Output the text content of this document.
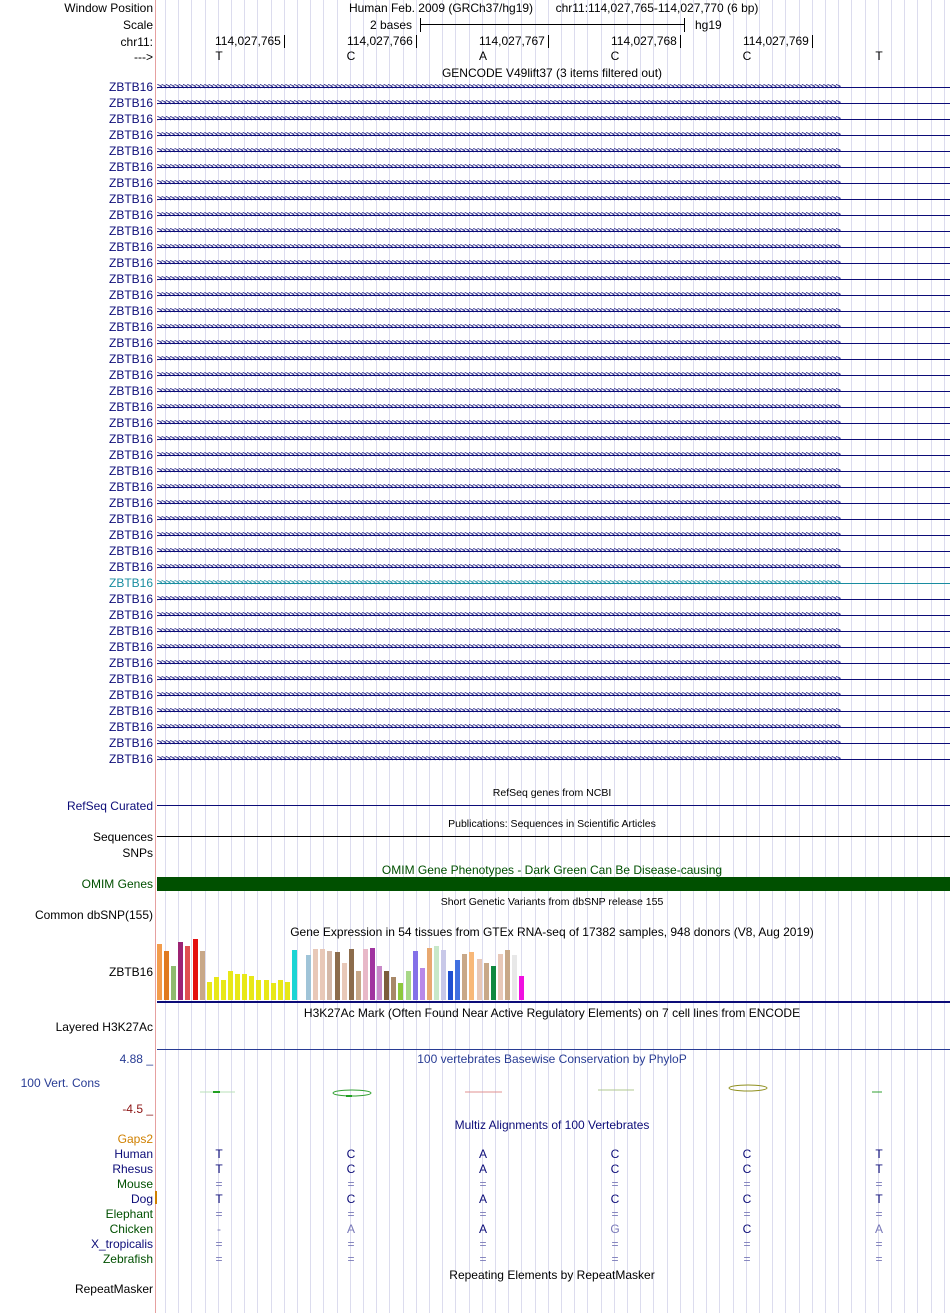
Window Position	Human Feb. 2009 (GRCh37/hg19) chr11:114,027,765-114,027,770 (6 bp)
Scale	2 bases	hg19
chr11:	114,027,765	114,027,766	114,027,767	114,027,768	114,027,769
--->	T	C	A	C	C	T
GENCODE V49lift37 (3 items filtered out)
ZBTB16 >>>>>>>>>>>>>>>>>>>>>>>>>>>>>>>>>>>>>>>>>>>>>>>>>>>>>>>>>>>>>>>>>>>>>>>>>>>>>>>>>>>>>>>>>>>>>>>>>>>>>>>>>>>>>>>>>>>>>>>>>>>>>>>>>>>>>>>>>>>>>>>>>>>>>>>>>>>>>>>>
ZBTB16 >>>>>>>>>>>>>>>>>>>>>>>>>>>>>>>>>>>>>>>>>>>>>>>>>>>>>>>>>>>>>>>>>>>>>>>>>>>>>>>>>>>>>>>>>>>>>>>>>>>>>>>>>>>>>>>>>>>>>>>>>>>>>>>>>>>>>>>>>>>>>>>>>>>>>>>>>>>>>>>>
ZBTB16 >>>>>>>>>>>>>>>>>>>>>>>>>>>>>>>>>>>>>>>>>>>>>>>>>>>>>>>>>>>>>>>>>>>>>>>>>>>>>>>>>>>>>>>>>>>>>>>>>>>>>>>>>>>>>>>>>>>>>>>>>>>>>>>>>>>>>>>>>>>>>>>>>>>>>>>>>>>>>>>>
ZBTB16 >>>>>>>>>>>>>>>>>>>>>>>>>>>>>>>>>>>>>>>>>>>>>>>>>>>>>>>>>>>>>>>>>>>>>>>>>>>>>>>>>>>>>>>>>>>>>>>>>>>>>>>>>>>>>>>>>>>>>>>>>>>>>>>>>>>>>>>>>>>>>>>>>>>>>>>>>>>>>>>>
ZBTB16 >>>>>>>>>>>>>>>>>>>>>>>>>>>>>>>>>>>>>>>>>>>>>>>>>>>>>>>>>>>>>>>>>>>>>>>>>>>>>>>>>>>>>>>>>>>>>>>>>>>>>>>>>>>>>>>>>>>>>>>>>>>>>>>>>>>>>>>>>>>>>>>>>>>>>>>>>>>>>>>>
ZBTB16 >>>>>>>>>>>>>>>>>>>>>>>>>>>>>>>>>>>>>>>>>>>>>>>>>>>>>>>>>>>>>>>>>>>>>>>>>>>>>>>>>>>>>>>>>>>>>>>>>>>>>>>>>>>>>>>>>>>>>>>>>>>>>>>>>>>>>>>>>>>>>>>>>>>>>>>>>>>>>>>>
ZBTB16 >>>>>>>>>>>>>>>>>>>>>>>>>>>>>>>>>>>>>>>>>>>>>>>>>>>>>>>>>>>>>>>>>>>>>>>>>>>>>>>>>>>>>>>>>>>>>>>>>>>>>>>>>>>>>>>>>>>>>>>>>>>>>>>>>>>>>>>>>>>>>>>>>>>>>>>>>>>>>>>>
ZBTB16 >>>>>>>>>>>>>>>>>>>>>>>>>>>>>>>>>>>>>>>>>>>>>>>>>>>>>>>>>>>>>>>>>>>>>>>>>>>>>>>>>>>>>>>>>>>>>>>>>>>>>>>>>>>>>>>>>>>>>>>>>>>>>>>>>>>>>>>>>>>>>>>>>>>>>>>>>>>>>>>>
ZBTB16 >>>>>>>>>>>>>>>>>>>>>>>>>>>>>>>>>>>>>>>>>>>>>>>>>>>>>>>>>>>>>>>>>>>>>>>>>>>>>>>>>>>>>>>>>>>>>>>>>>>>>>>>>>>>>>>>>>>>>>>>>>>>>>>>>>>>>>>>>>>>>>>>>>>>>>>>>>>>>>>>
ZBTB16 >>>>>>>>>>>>>>>>>>>>>>>>>>>>>>>>>>>>>>>>>>>>>>>>>>>>>>>>>>>>>>>>>>>>>>>>>>>>>>>>>>>>>>>>>>>>>>>>>>>>>>>>>>>>>>>>>>>>>>>>>>>>>>>>>>>>>>>>>>>>>>>>>>>>>>>>>>>>>>>>
ZBTB16 >>>>>>>>>>>>>>>>>>>>>>>>>>>>>>>>>>>>>>>>>>>>>>>>>>>>>>>>>>>>>>>>>>>>>>>>>>>>>>>>>>>>>>>>>>>>>>>>>>>>>>>>>>>>>>>>>>>>>>>>>>>>>>>>>>>>>>>>>>>>>>>>>>>>>>>>>>>>>>>>
ZBTB16 >>>>>>>>>>>>>>>>>>>>>>>>>>>>>>>>>>>>>>>>>>>>>>>>>>>>>>>>>>>>>>>>>>>>>>>>>>>>>>>>>>>>>>>>>>>>>>>>>>>>>>>>>>>>>>>>>>>>>>>>>>>>>>>>>>>>>>>>>>>>>>>>>>>>>>>>>>>>>>>>
ZBTB16 >>>>>>>>>>>>>>>>>>>>>>>>>>>>>>>>>>>>>>>>>>>>>>>>>>>>>>>>>>>>>>>>>>>>>>>>>>>>>>>>>>>>>>>>>>>>>>>>>>>>>>>>>>>>>>>>>>>>>>>>>>>>>>>>>>>>>>>>>>>>>>>>>>>>>>>>>>>>>>>>
ZBTB16 >>>>>>>>>>>>>>>>>>>>>>>>>>>>>>>>>>>>>>>>>>>>>>>>>>>>>>>>>>>>>>>>>>>>>>>>>>>>>>>>>>>>>>>>>>>>>>>>>>>>>>>>>>>>>>>>>>>>>>>>>>>>>>>>>>>>>>>>>>>>>>>>>>>>>>>>>>>>>>>>
ZBTB16 >>>>>>>>>>>>>>>>>>>>>>>>>>>>>>>>>>>>>>>>>>>>>>>>>>>>>>>>>>>>>>>>>>>>>>>>>>>>>>>>>>>>>>>>>>>>>>>>>>>>>>>>>>>>>>>>>>>>>>>>>>>>>>>>>>>>>>>>>>>>>>>>>>>>>>>>>>>>>>>>
ZBTB16 >>>>>>>>>>>>>>>>>>>>>>>>>>>>>>>>>>>>>>>>>>>>>>>>>>>>>>>>>>>>>>>>>>>>>>>>>>>>>>>>>>>>>>>>>>>>>>>>>>>>>>>>>>>>>>>>>>>>>>>>>>>>>>>>>>>>>>>>>>>>>>>>>>>>>>>>>>>>>>>>
ZBTB16 >>>>>>>>>>>>>>>>>>>>>>>>>>>>>>>>>>>>>>>>>>>>>>>>>>>>>>>>>>>>>>>>>>>>>>>>>>>>>>>>>>>>>>>>>>>>>>>>>>>>>>>>>>>>>>>>>>>>>>>>>>>>>>>>>>>>>>>>>>>>>>>>>>>>>>>>>>>>>>>>
ZBTB16 >>>>>>>>>>>>>>>>>>>>>>>>>>>>>>>>>>>>>>>>>>>>>>>>>>>>>>>>>>>>>>>>>>>>>>>>>>>>>>>>>>>>>>>>>>>>>>>>>>>>>>>>>>>>>>>>>>>>>>>>>>>>>>>>>>>>>>>>>>>>>>>>>>>>>>>>>>>>>>>>
ZBTB16 >>>>>>>>>>>>>>>>>>>>>>>>>>>>>>>>>>>>>>>>>>>>>>>>>>>>>>>>>>>>>>>>>>>>>>>>>>>>>>>>>>>>>>>>>>>>>>>>>>>>>>>>>>>>>>>>>>>>>>>>>>>>>>>>>>>>>>>>>>>>>>>>>>>>>>>>>>>>>>>>
ZBTB16 >>>>>>>>>>>>>>>>>>>>>>>>>>>>>>>>>>>>>>>>>>>>>>>>>>>>>>>>>>>>>>>>>>>>>>>>>>>>>>>>>>>>>>>>>>>>>>>>>>>>>>>>>>>>>>>>>>>>>>>>>>>>>>>>>>>>>>>>>>>>>>>>>>>>>>>>>>>>>>>>
ZBTB16 >>>>>>>>>>>>>>>>>>>>>>>>>>>>>>>>>>>>>>>>>>>>>>>>>>>>>>>>>>>>>>>>>>>>>>>>>>>>>>>>>>>>>>>>>>>>>>>>>>>>>>>>>>>>>>>>>>>>>>>>>>>>>>>>>>>>>>>>>>>>>>>>>>>>>>>>>>>>>>>>
ZBTB16 >>>>>>>>>>>>>>>>>>>>>>>>>>>>>>>>>>>>>>>>>>>>>>>>>>>>>>>>>>>>>>>>>>>>>>>>>>>>>>>>>>>>>>>>>>>>>>>>>>>>>>>>>>>>>>>>>>>>>>>>>>>>>>>>>>>>>>>>>>>>>>>>>>>>>>>>>>>>>>>>
ZBTB16 >>>>>>>>>>>>>>>>>>>>>>>>>>>>>>>>>>>>>>>>>>>>>>>>>>>>>>>>>>>>>>>>>>>>>>>>>>>>>>>>>>>>>>>>>>>>>>>>>>>>>>>>>>>>>>>>>>>>>>>>>>>>>>>>>>>>>>>>>>>>>>>>>>>>>>>>>>>>>>>>
ZBTB16 >>>>>>>>>>>>>>>>>>>>>>>>>>>>>>>>>>>>>>>>>>>>>>>>>>>>>>>>>>>>>>>>>>>>>>>>>>>>>>>>>>>>>>>>>>>>>>>>>>>>>>>>>>>>>>>>>>>>>>>>>>>>>>>>>>>>>>>>>>>>>>>>>>>>>>>>>>>>>>>>
ZBTB16 >>>>>>>>>>>>>>>>>>>>>>>>>>>>>>>>>>>>>>>>>>>>>>>>>>>>>>>>>>>>>>>>>>>>>>>>>>>>>>>>>>>>>>>>>>>>>>>>>>>>>>>>>>>>>>>>>>>>>>>>>>>>>>>>>>>>>>>>>>>>>>>>>>>>>>>>>>>>>>>>
ZBTB16 >>>>>>>>>>>>>>>>>>>>>>>>>>>>>>>>>>>>>>>>>>>>>>>>>>>>>>>>>>>>>>>>>>>>>>>>>>>>>>>>>>>>>>>>>>>>>>>>>>>>>>>>>>>>>>>>>>>>>>>>>>>>>>>>>>>>>>>>>>>>>>>>>>>>>>>>>>>>>>>>
ZBTB16 >>>>>>>>>>>>>>>>>>>>>>>>>>>>>>>>>>>>>>>>>>>>>>>>>>>>>>>>>>>>>>>>>>>>>>>>>>>>>>>>>>>>>>>>>>>>>>>>>>>>>>>>>>>>>>>>>>>>>>>>>>>>>>>>>>>>>>>>>>>>>>>>>>>>>>>>>>>>>>>>
ZBTB16 >>>>>>>>>>>>>>>>>>>>>>>>>>>>>>>>>>>>>>>>>>>>>>>>>>>>>>>>>>>>>>>>>>>>>>>>>>>>>>>>>>>>>>>>>>>>>>>>>>>>>>>>>>>>>>>>>>>>>>>>>>>>>>>>>>>>>>>>>>>>>>>>>>>>>>>>>>>>>>>>
ZBTB16 >>>>>>>>>>>>>>>>>>>>>>>>>>>>>>>>>>>>>>>>>>>>>>>>>>>>>>>>>>>>>>>>>>>>>>>>>>>>>>>>>>>>>>>>>>>>>>>>>>>>>>>>>>>>>>>>>>>>>>>>>>>>>>>>>>>>>>>>>>>>>>>>>>>>>>>>>>>>>>>>
ZBTB16 >>>>>>>>>>>>>>>>>>>>>>>>>>>>>>>>>>>>>>>>>>>>>>>>>>>>>>>>>>>>>>>>>>>>>>>>>>>>>>>>>>>>>>>>>>>>>>>>>>>>>>>>>>>>>>>>>>>>>>>>>>>>>>>>>>>>>>>>>>>>>>>>>>>>>>>>>>>>>>>>
ZBTB16 >>>>>>>>>>>>>>>>>>>>>>>>>>>>>>>>>>>>>>>>>>>>>>>>>>>>>>>>>>>>>>>>>>>>>>>>>>>>>>>>>>>>>>>>>>>>>>>>>>>>>>>>>>>>>>>>>>>>>>>>>>>>>>>>>>>>>>>>>>>>>>>>>>>>>>>>>>>>>>>>
ZBTB16 >>>>>>>>>>>>>>>>>>>>>>>>>>>>>>>>>>>>>>>>>>>>>>>>>>>>>>>>>>>>>>>>>>>>>>>>>>>>>>>>>>>>>>>>>>>>>>>>>>>>>>>>>>>>>>>>>>>>>>>>>>>>>>>>>>>>>>>>>>>>>>>>>>>>>>>>>>>>>>>>
ZBTB16 >>>>>>>>>>>>>>>>>>>>>>>>>>>>>>>>>>>>>>>>>>>>>>>>>>>>>>>>>>>>>>>>>>>>>>>>>>>>>>>>>>>>>>>>>>>>>>>>>>>>>>>>>>>>>>>>>>>>>>>>>>>>>>>>>>>>>>>>>>>>>>>>>>>>>>>>>>>>>>>>
ZBTB16 >>>>>>>>>>>>>>>>>>>>>>>>>>>>>>>>>>>>>>>>>>>>>>>>>>>>>>>>>>>>>>>>>>>>>>>>>>>>>>>>>>>>>>>>>>>>>>>>>>>>>>>>>>>>>>>>>>>>>>>>>>>>>>>>>>>>>>>>>>>>>>>>>>>>>>>>>>>>>>>>
ZBTB16 >>>>>>>>>>>>>>>>>>>>>>>>>>>>>>>>>>>>>>>>>>>>>>>>>>>>>>>>>>>>>>>>>>>>>>>>>>>>>>>>>>>>>>>>>>>>>>>>>>>>>>>>>>>>>>>>>>>>>>>>>>>>>>>>>>>>>>>>>>>>>>>>>>>>>>>>>>>>>>>>
ZBTB16 >>>>>>>>>>>>>>>>>>>>>>>>>>>>>>>>>>>>>>>>>>>>>>>>>>>>>>>>>>>>>>>>>>>>>>>>>>>>>>>>>>>>>>>>>>>>>>>>>>>>>>>>>>>>>>>>>>>>>>>>>>>>>>>>>>>>>>>>>>>>>>>>>>>>>>>>>>>>>>>>
ZBTB16 >>>>>>>>>>>>>>>>>>>>>>>>>>>>>>>>>>>>>>>>>>>>>>>>>>>>>>>>>>>>>>>>>>>>>>>>>>>>>>>>>>>>>>>>>>>>>>>>>>>>>>>>>>>>>>>>>>>>>>>>>>>>>>>>>>>>>>>>>>>>>>>>>>>>>>>>>>>>>>>>
ZBTB16 >>>>>>>>>>>>>>>>>>>>>>>>>>>>>>>>>>>>>>>>>>>>>>>>>>>>>>>>>>>>>>>>>>>>>>>>>>>>>>>>>>>>>>>>>>>>>>>>>>>>>>>>>>>>>>>>>>>>>>>>>>>>>>>>>>>>>>>>>>>>>>>>>>>>>>>>>>>>>>>>
ZBTB16 >>>>>>>>>>>>>>>>>>>>>>>>>>>>>>>>>>>>>>>>>>>>>>>>>>>>>>>>>>>>>>>>>>>>>>>>>>>>>>>>>>>>>>>>>>>>>>>>>>>>>>>>>>>>>>>>>>>>>>>>>>>>>>>>>>>>>>>>>>>>>>>>>>>>>>>>>>>>>>>>
ZBTB16 >>>>>>>>>>>>>>>>>>>>>>>>>>>>>>>>>>>>>>>>>>>>>>>>>>>>>>>>>>>>>>>>>>>>>>>>>>>>>>>>>>>>>>>>>>>>>>>>>>>>>>>>>>>>>>>>>>>>>>>>>>>>>>>>>>>>>>>>>>>>>>>>>>>>>>>>>>>>>>>>
ZBTB16 >>>>>>>>>>>>>>>>>>>>>>>>>>>>>>>>>>>>>>>>>>>>>>>>>>>>>>>>>>>>>>>>>>>>>>>>>>>>>>>>>>>>>>>>>>>>>>>>>>>>>>>>>>>>>>>>>>>>>>>>>>>>>>>>>>>>>>>>>>>>>>>>>>>>>>>>>>>>>>>>
ZBTB16 >>>>>>>>>>>>>>>>>>>>>>>>>>>>>>>>>>>>>>>>>>>>>>>>>>>>>>>>>>>>>>>>>>>>>>>>>>>>>>>>>>>>>>>>>>>>>>>>>>>>>>>>>>>>>>>>>>>>>>>>>>>>>>>>>>>>>>>>>>>>>>>>>>>>>>>>>>>>>>>>
ZBTB16 >>>>>>>>>>>>>>>>>>>>>>>>>>>>>>>>>>>>>>>>>>>>>>>>>>>>>>>>>>>>>>>>>>>>>>>>>>>>>>>>>>>>>>>>>>>>>>>>>>>>>>>>>>>>>>>>>>>>>>>>>>>>>>>>>>>>>>>>>>>>>>>>>>>>>>>>>>>>>>>>
RefSeq genes from NCBI
RefSeq Curated
Publications: Sequences in Scientific Articles
Sequences
SNPs
OMIM Gene Phenotypes - Dark Green Can Be Disease-causing
OMIM Genes
Short Genetic Variants from dbSNP release 155
Common dbSNP(155)
Gene Expression in 54 tissues from GTEx RNA-seq of 17382 samples, 948 donors (V8, Aug 2019)
ZBTB16
H3K27Ac Mark (Often Found Near Active Regulatory Elements) on 7 cell lines from ENCODE
Layered H3K27Ac
4.88 _	100 vertebrates Basewise Conservation by PhyloP
100 Vert. Cons
-4.5 _
Multiz Alignments of 100 Vertebrates
Gaps2
Human	T	C	A	C	C	T
Rhesus	T	C	A	C	C	T
Mouse	=	=	=	=	=	=
Dog	T	C	A	C	C	T
Elephant	=	=	=	=	=	=
Chicken	-	A	A	G	C	A
X_tropicalis	=	=	=	=	=	=
Zebrafish	=	=	=	=	=	=
Repeating Elements by RepeatMasker
RepeatMasker
